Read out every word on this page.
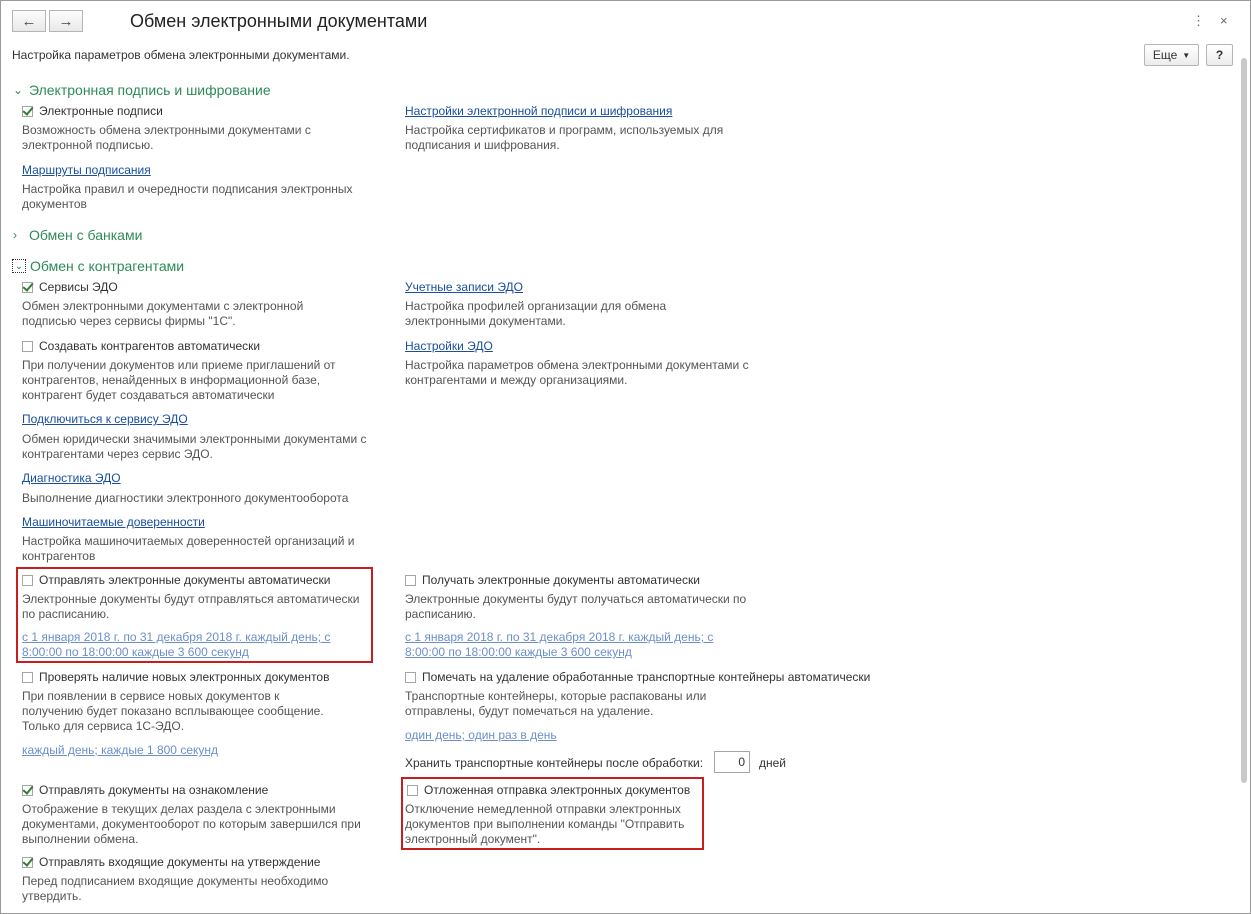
← →	Обмен электронными документами	⋮ ×
Настройка параметров обмена электронными документами.	Еще ▼	?
⌄ Электронная подпись и шифрование
Электронные подписи
Возможность обмена электронными документами с электронной подписью.
Настройки электронной подписи и шифрования
Настройка сертификатов и программ, используемых для подписания и шифрования.
Маршруты подписания
Настройка правил и очередности подписания электронных документов
› Обмен с банками
⌄ Обмен с контрагентами
Сервисы ЭДО
Обмен электронными документами с электронной подписью через сервисы фирмы "1С".
Учетные записи ЭДО
Настройка профилей организации для обмена электронными документами.
Создавать контрагентов автоматически
При получении документов или приеме приглашений от контрагентов, ненайденных в информационной базе, контрагент будет создаваться автоматически
Настройки ЭДО
Настройка параметров обмена электронными документами с контрагентами и между организациями.
Подключиться к сервису ЭДО
Обмен юридически значимыми электронными документами с контрагентами через сервис ЭДО.
Диагностика ЭДО
Выполнение диагностики электронного документооборота
Машиночитаемые доверенности
Настройка машиночитаемых доверенностей организаций и контрагентов
Отправлять электронные документы автоматически
Электронные документы будут отправляться автоматически по расписанию.
с 1 января 2018 г. по 31 декабря 2018 г. каждый день; с 8:00:00 по 18:00:00 каждые 3 600 секунд
Получать электронные документы автоматически
Электронные документы будут получаться автоматически по расписанию.
с 1 января 2018 г. по 31 декабря 2018 г. каждый день; с 8:00:00 по 18:00:00 каждые 3 600 секунд
Проверять наличие новых электронных документов
При появлении в сервисе новых документов к получению будет показано всплывающее сообщение. Только для сервиса 1С-ЭДО.
каждый день; каждые 1 800 секунд
Помечать на удаление обработанные транспортные контейнеры автоматически
Транспортные контейнеры, которые распакованы или отправлены, будут помечаться на удаление.
один день; один раз в день
Хранить транспортные контейнеры после обработки:	0	дней
Отправлять документы на ознакомление
Отображение в текущих делах раздела с электронными документами, документооборот по которым завершился при выполнении обмена.
Отложенная отправка электронных документов
Отключение немедленной отправки электронных документов при выполнении команды "Отправить электронный документ".
Отправлять входящие документы на утверждение
Перед подписанием входящие документы необходимо утвердить.
